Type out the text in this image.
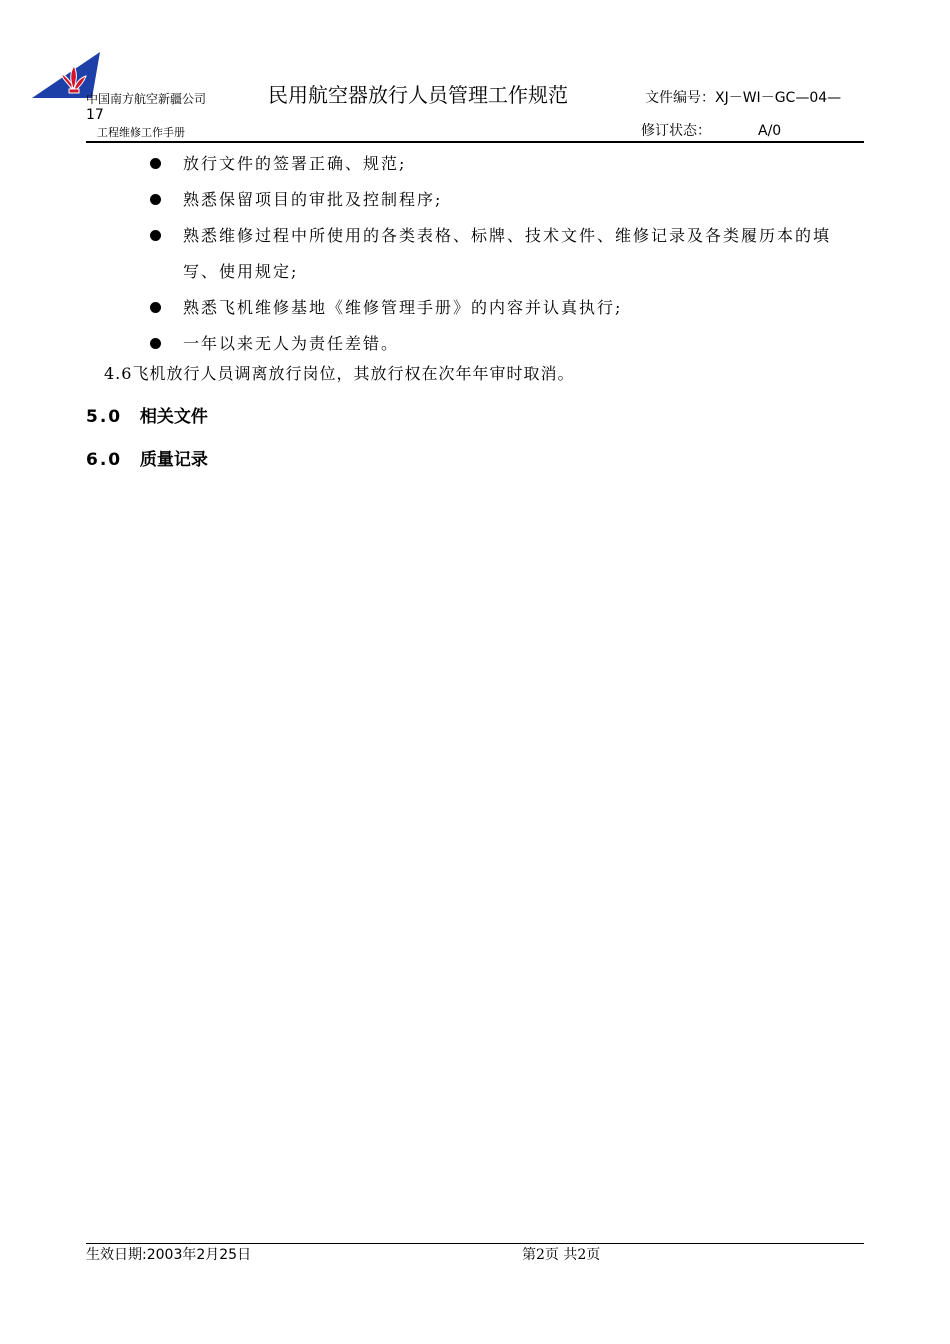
中国南方航空新疆公司	民用航空器放行人员管理工作规范	文件编号：XJ－WI－GC—04—
17
工程维修工作手册	修订状态：	A/0
放行文件的签署正确、规范;
熟悉保留项目的审批及控制程序;
熟悉维修过程中所使用的各类表格、标牌、技术文件、维修记录及各类履历本的填写、使用规定;
熟悉飞机维修基地《维修管理手册》的内容并认真执行;
一年以来无人为责任差错。
4.6飞机放行人员调离放行岗位，其放行权在次年年审时取消。
5.0 相关文件
6.0 质量记录
生效日期:2003年2月25日	第2页 共2页
